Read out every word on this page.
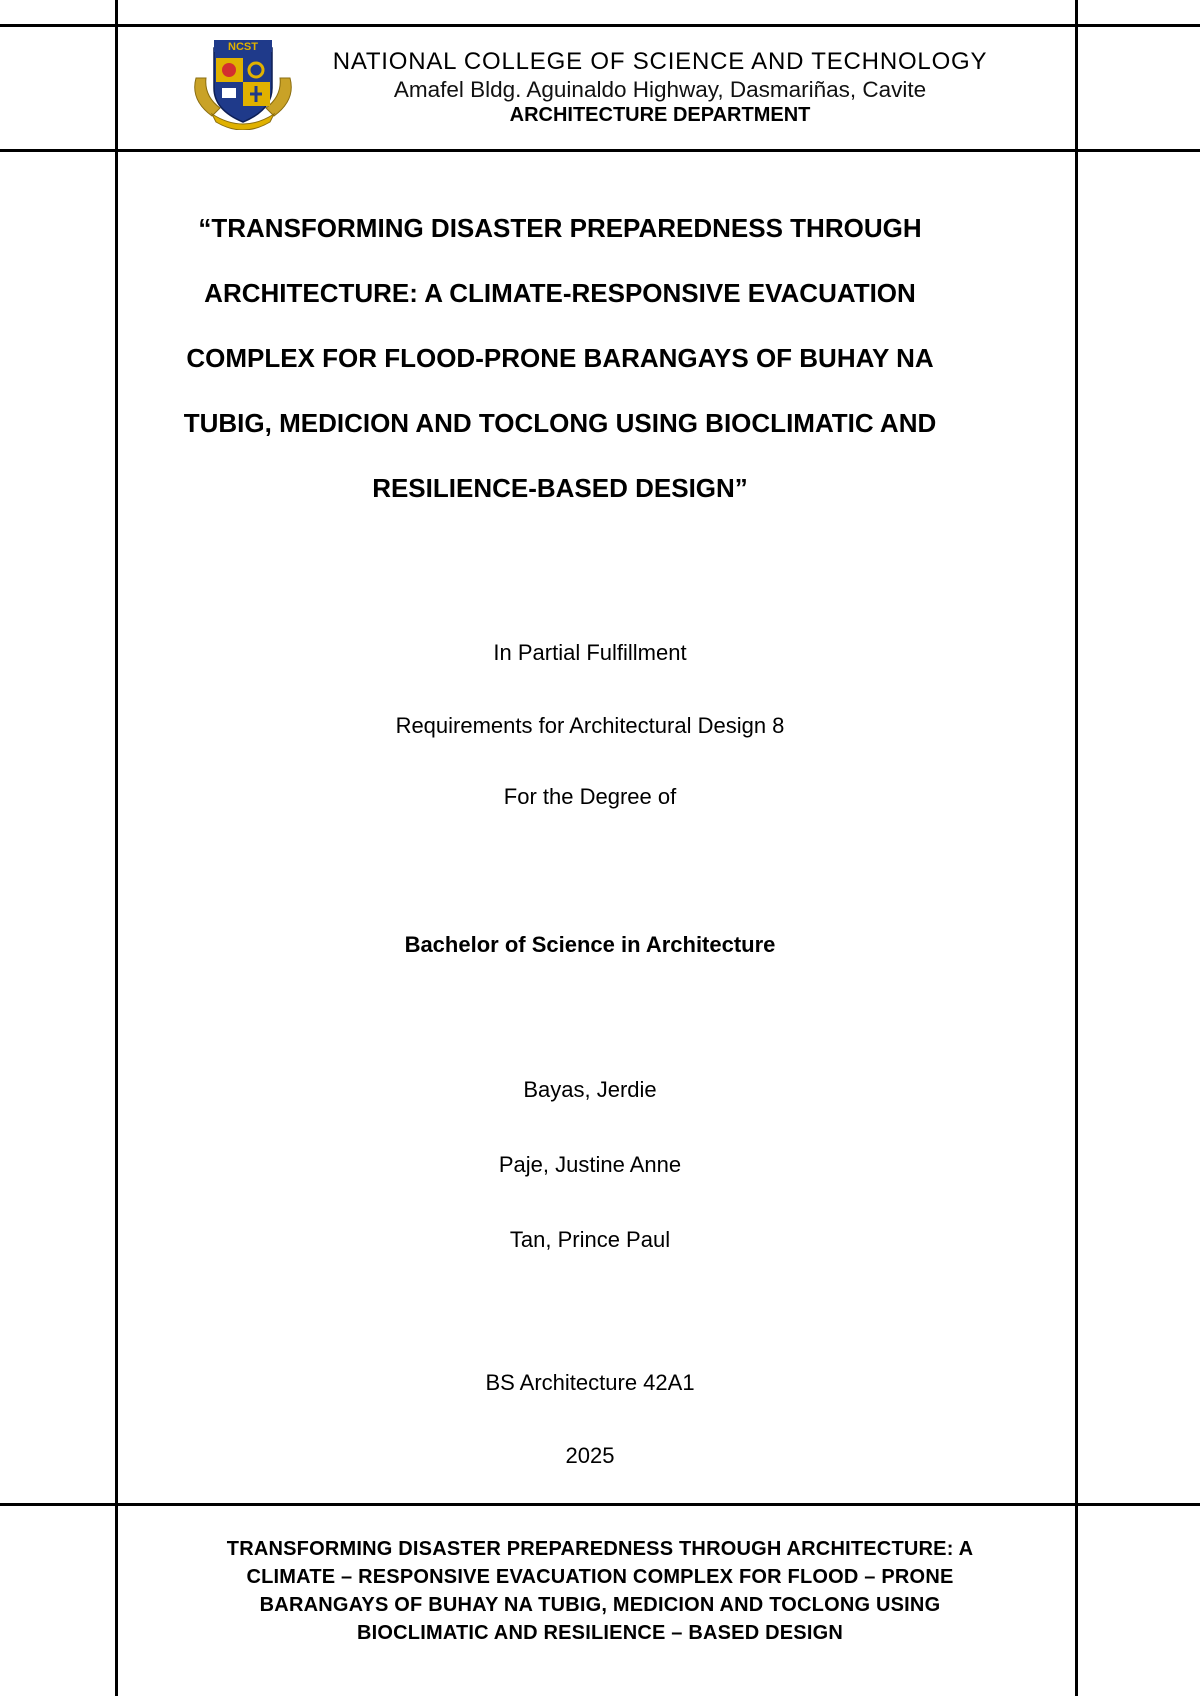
NCST
NATIONAL COLLEGE OF SCIENCE AND TECHNOLOGY
Amafel Bldg. Aguinaldo Highway, Dasmariñas, Cavite
ARCHITECTURE DEPARTMENT
“TRANSFORMING DISASTER PREPAREDNESS THROUGH
ARCHITECTURE: A CLIMATE-RESPONSIVE EVACUATION
COMPLEX FOR FLOOD-PRONE BARANGAYS OF BUHAY NA
TUBIG, MEDICION AND TOCLONG USING BIOCLIMATIC AND
RESILIENCE-BASED DESIGN”
In Partial Fulfillment
Requirements for Architectural Design 8
For the Degree of
Bachelor of Science in Architecture
Bayas, Jerdie
Paje, Justine Anne
Tan, Prince Paul
BS Architecture 42A1
2025
TRANSFORMING DISASTER PREPAREDNESS THROUGH ARCHITECTURE: A
CLIMATE – RESPONSIVE EVACUATION COMPLEX FOR FLOOD – PRONE
BARANGAYS OF BUHAY NA TUBIG, MEDICION AND TOCLONG USING
BIOCLIMATIC AND RESILIENCE – BASED DESIGN
